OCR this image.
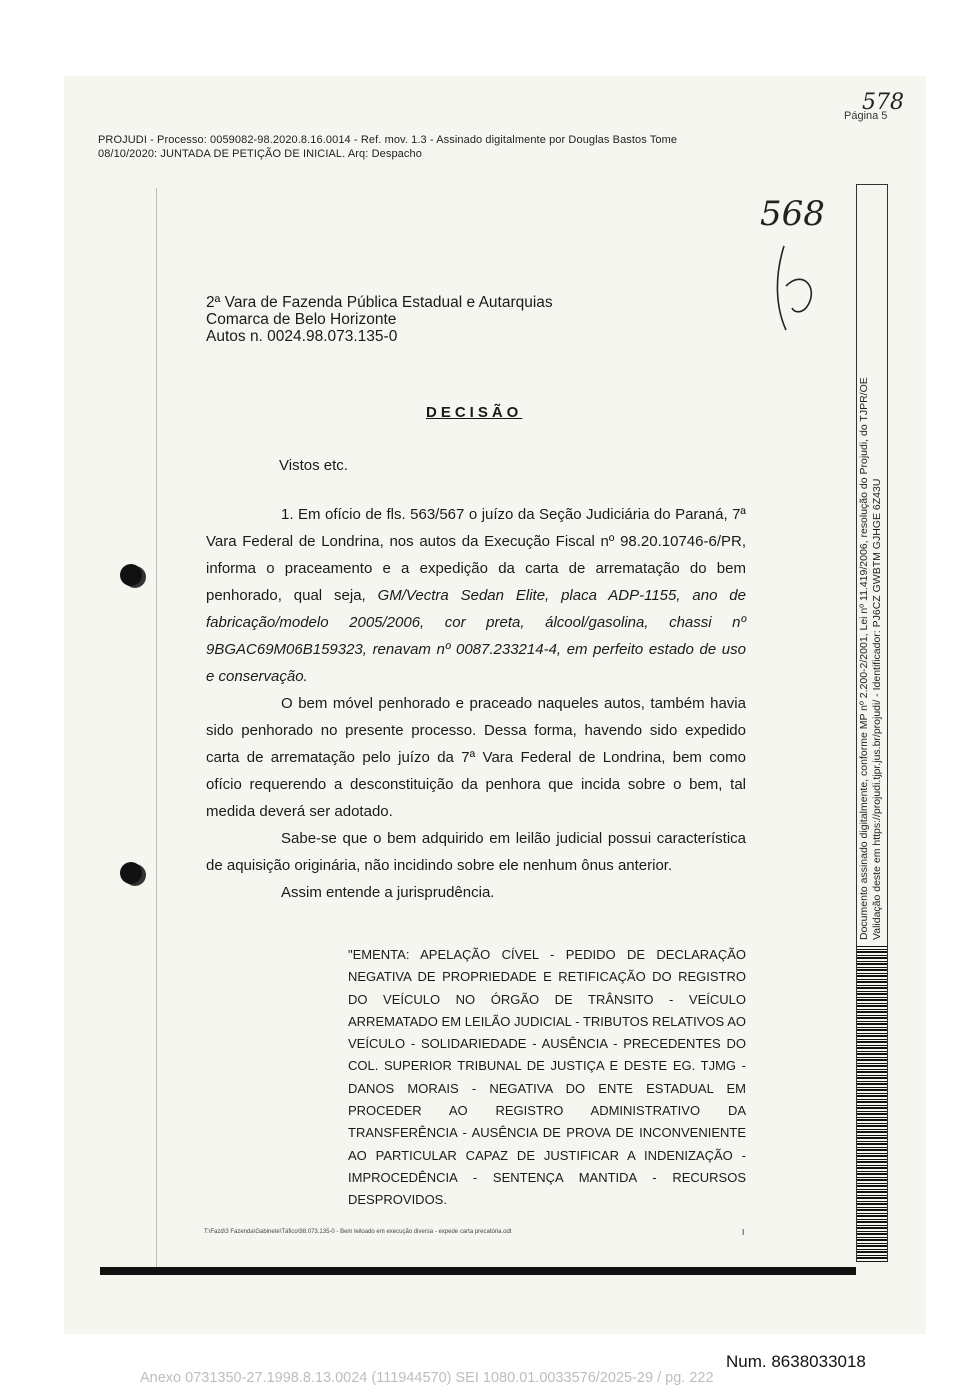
Página 5
578
PROJUDI - Processo: 0059082-98.2020.8.16.0014 - Ref. mov. 1.3 - Assinado digitalmente por Douglas Bastos Tome
08/10/2020: JUNTADA DE PETIÇÃO DE INICIAL. Arq: Despacho
568
2ª Vara de Fazenda Pública Estadual e Autarquias
Comarca de Belo Horizonte
Autos n. 0024.98.073.135-0
DECISÃO

Vistos etc.

1. Em ofício de fls. 563/567 o juízo da Seção Judiciária do Paraná, 7ª Vara Federal de Londrina, nos autos da Execução Fiscal nº 98.20.10746-6/PR, informa o praceamento e a expedição da carta de arrematação do bem penhorado, qual seja, GM/Vectra Sedan Elite, placa ADP-1155, ano de fabricação/modelo 2005/2006, cor preta, álcool/gasolina, chassi nº 9BGAC69M06B159323, renavam nº 0087.233214-4, em perfeito estado de uso e conservação.

O bem móvel penhorado e praceado naqueles autos, também havia sido penhorado no presente processo. Dessa forma, havendo sido expedido carta de arrematação pelo juízo da 7ª Vara Federal de Londrina, bem como ofício requerendo a desconstituição da penhora que incida sobre o bem, tal medida deverá ser adotado.

Sabe-se que o bem adquirido em leilão judicial possui característica de aquisição originária, não incidindo sobre ele nenhum ônus anterior.

Assim entende a jurisprudência.

"EMENTA: APELAÇÃO CÍVEL - PEDIDO DE DECLARAÇÃO NEGATIVA DE PROPRIEDADE E RETIFICAÇÃO DO REGISTRO DO VEÍCULO NO ÓRGÃO DE TRÂNSITO - VEÍCULO ARREMATADO EM LEILÃO JUDICIAL - TRIBUTOS RELATIVOS AO VEÍCULO - SOLIDARIEDADE - AUSÊNCIA - PRECEDENTES DO COL. SUPERIOR TRIBUNAL DE JUSTIÇA E DESTE EG. TJMG - DANOS MORAIS - NEGATIVA DO ENTE ESTADUAL EM PROCEDER AO REGISTRO ADMINISTRATIVO DA TRANSFERÊNCIA - AUSÊNCIA DE PROVA DE INCONVENIENTE AO PARTICULAR CAPAZ DE JUSTIFICAR A INDENIZAÇÃO - IMPROCEDÊNCIA - SENTENÇA MANTIDA - RECURSOS DESPROVIDOS.
T:\Fazd\3 Fazenda\Gabinete\Táfico\98.073.135-0 - Bem leiloado em execução diversa - expede carta precatória.odt	I
Documento assinado digitalmente, conforme MP nº 2.200-2/2001, Lei nº 11.419/2006, resolução do Projudi, do TJPR/OE Validação deste em https://projudi.tjpr.jus.br/projudi/ - Identificador: PJ6CZ GWBTM GJHGE 6Z43U
Num. 8638033018
Anexo 0731350-27.1998.8.13.0024 (111944570) SEI 1080.01.0033576/2025-29 / pg. 222
